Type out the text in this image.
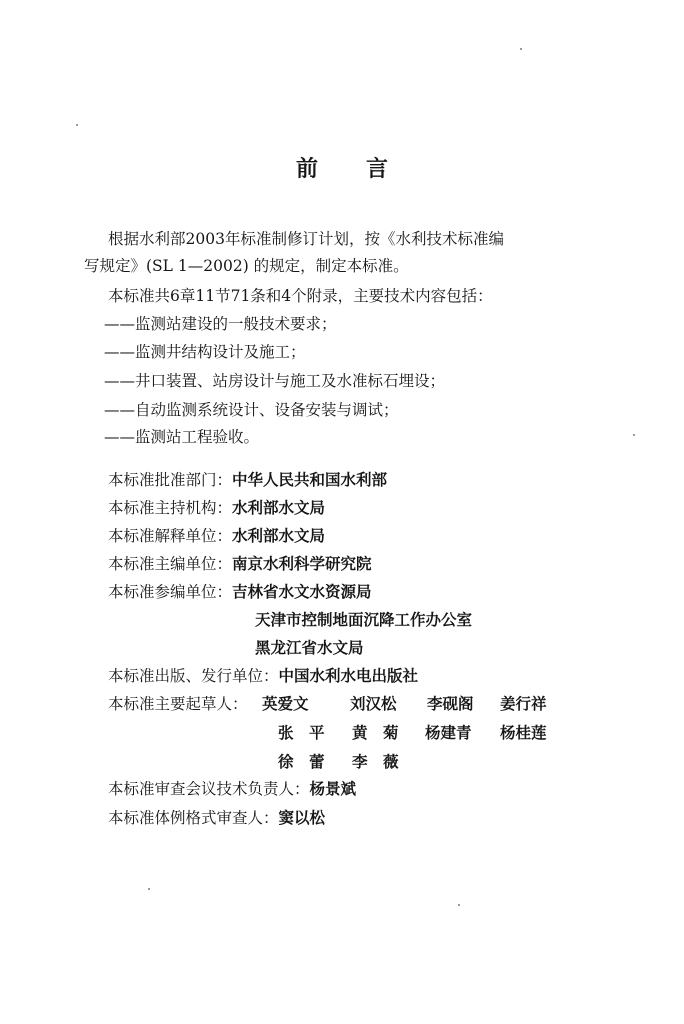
前 言
根据水利部2003年标准制修订计划，按《水利技术标准编
写规定》(SL 1—2002) 的规定，制定本标准。
本标准共6章11节71条和4个附录，主要技术内容包括：
——监测站建设的一般技术要求；
——监测井结构设计及施工；
——井口装置、站房设计与施工及水准标石埋设；
——自动监测系统设计、设备安装与调试；
——监测站工程验收。
本标准批准部门：中华人民共和国水利部
本标准主持机构：水利部水文局
本标准解释单位：水利部水文局
本标准主编单位：南京水利科学研究院
本标准参编单位：吉林省水文水资源局
天津市控制地面沉降工作办公室
黑龙江省水文局
本标准出版、发行单位：中国水利水电出版社
本标准主要起草人： 英爱文	刘汉松 李砚阁 姜行祥
张　平 黄　菊 杨建青 杨桂莲
徐　蕾 李　薇
本标准审查会议技术负责人：杨景斌
本标准体例格式审查人：窦以松
